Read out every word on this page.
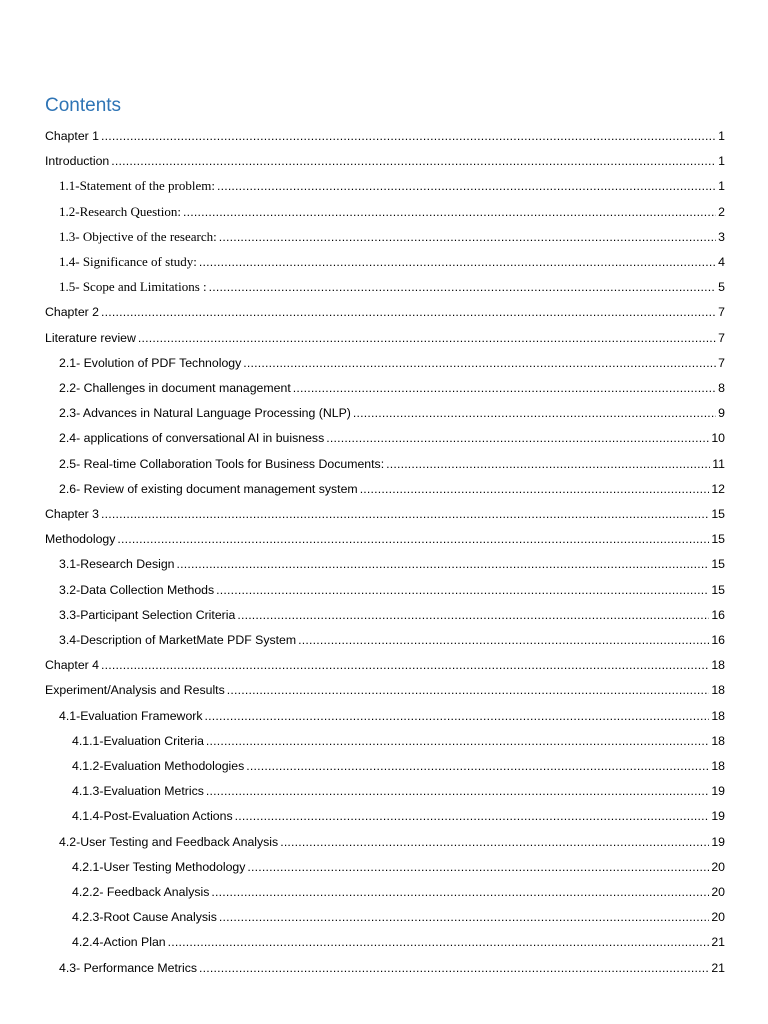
Contents
Chapter 1 .....	1
Introduction .....	1
1.1-Statement of the problem: .....	1
1.2-Research Question: .....	2
1.3- Objective of the research: .....	3
1.4- Significance of study: .....	4
1.5- Scope and Limitations : .....	5
Chapter 2 .....	7
Literature review .....	7
2.1- Evolution of PDF Technology .....	7
2.2- Challenges in document management .....	8
2.3- Advances in Natural Language Processing (NLP) .....	9
2.4- applications of conversational AI in buisness .....	10
2.5- Real-time Collaboration Tools for Business Documents: .....	11
2.6- Review of existing document management system .....	12
Chapter 3 .....	15
Methodology .....	15
3.1-Research Design .....	15
3.2-Data Collection Methods .....	15
3.3-Participant Selection Criteria .....	16
3.4-Description of MarketMate PDF System .....	16
Chapter 4 .....	18
Experiment/Analysis and Results .....	18
4.1-Evaluation Framework .....	18
4.1.1-Evaluation Criteria .....	18
4.1.2-Evaluation Methodologies .....	18
4.1.3-Evaluation Metrics .....	19
4.1.4-Post-Evaluation Actions .....	19
4.2-User Testing and Feedback Analysis .....	19
4.2.1-User Testing Methodology .....	20
4.2.2- Feedback Analysis .....	20
4.2.3-Root Cause Analysis .....	20
4.2.4-Action Plan .....	21
4.3- Performance Metrics .....	21
